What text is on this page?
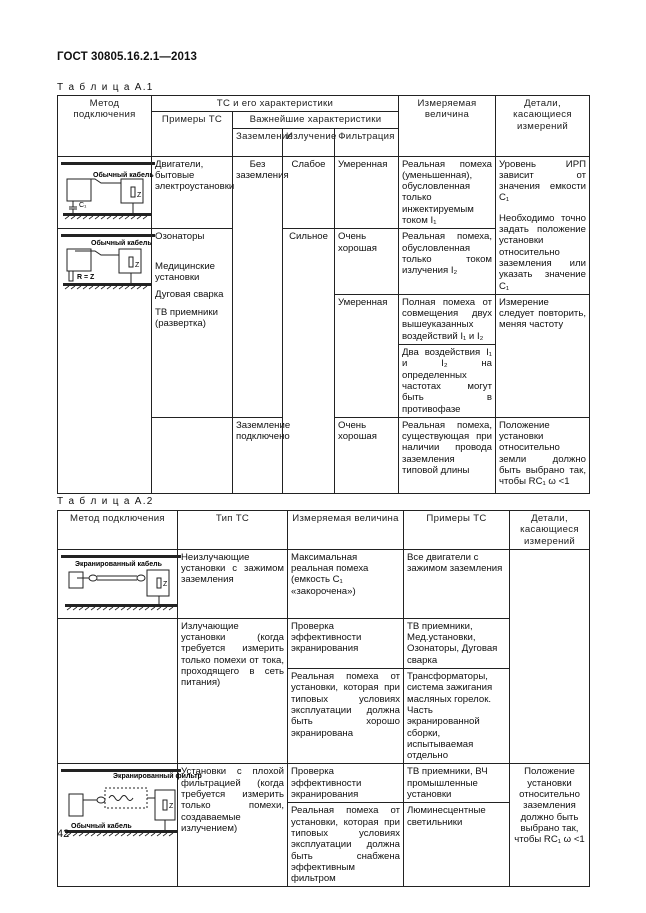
ГОСТ 30805.16.2.1—2013
Т а б л и ц а А.1
Метод подключения	ТС и его характеристики				Измеряемая величина	Детали, касающиеся измерений
	Примеры ТС	Важнейшие характеристики				
		Заземление	Излучение	Фильтрация		

Обычный кабель
C₁
Z	Двигатели, бытовые электроустановки	Без заземления	Слабое	Умеренная	Реальная помеха (уменьшенная), обусловленная только инжектируемым током I₁	Уровень ИРП зависит от значения емкости C₁
Необходимо точно задать положение установки относительно заземления или указать значение C₁

Обычный кабель
R = Z
Z	Озонаторы
Медицинские установки
Дуговая сварка
ТВ приемники (развертка)		Сильное	Очень хорошая	Реальная помеха, обусловленная только током излучения I₂	
				Умеренная	Полная помеха от совмещения двух вышеуказанных воздействий I₁ и I₂	Измерение следует повторить, меняя частоту
					Два воздействия I₁ и I₂ на определенных частотах могут быть в противофазе	
		Заземление подключено		Очень хорошая	Реальная помеха, существующая при наличии провода заземления типовой длины	Положение установки относительно земли должно быть выбрано так, чтобы RC₁ ω <1
Т а б л и ц а А.2
Метод подключения	Тип ТС	Измеряемая величина	Примеры ТС	Детали, касающиеся измерений

Экранированный кабель
Z	Неизлучающие установки с зажимом заземления	Максимальная реальная помеха (емкость C₁ «закорочена»)	Все двигатели с зажимом заземления	
	Излучающие установки (когда требуется измерить только помехи от тока, проходящего в сеть питания)	Проверка эффективности экранирования	ТВ приемники, Мед.установки, Озонаторы, Дуговая сварка	
		Реальная помеха от установки, которая при типовых условиях эксплуатации должна быть хорошо экранирована	Трансформаторы, система зажигания масляных горелок. Часть экранированной сборки, испытываемая отдельно	

Экранированный фильтр
Z
Обычный кабель	Установки с плохой фильтрацией (когда требуется измерить только помехи, создаваемые излучением)	Проверка эффективности экранирования	ТВ приемники, ВЧ промышленные установки	Положение установки относительно заземления должно быть выбрано так, чтобы RC₁ ω <1
		Реальная помеха от установки, которая при типовых условиях эксплуатации должна быть снабжена эффективным фильтром	Люминесцентные светильники	
42
